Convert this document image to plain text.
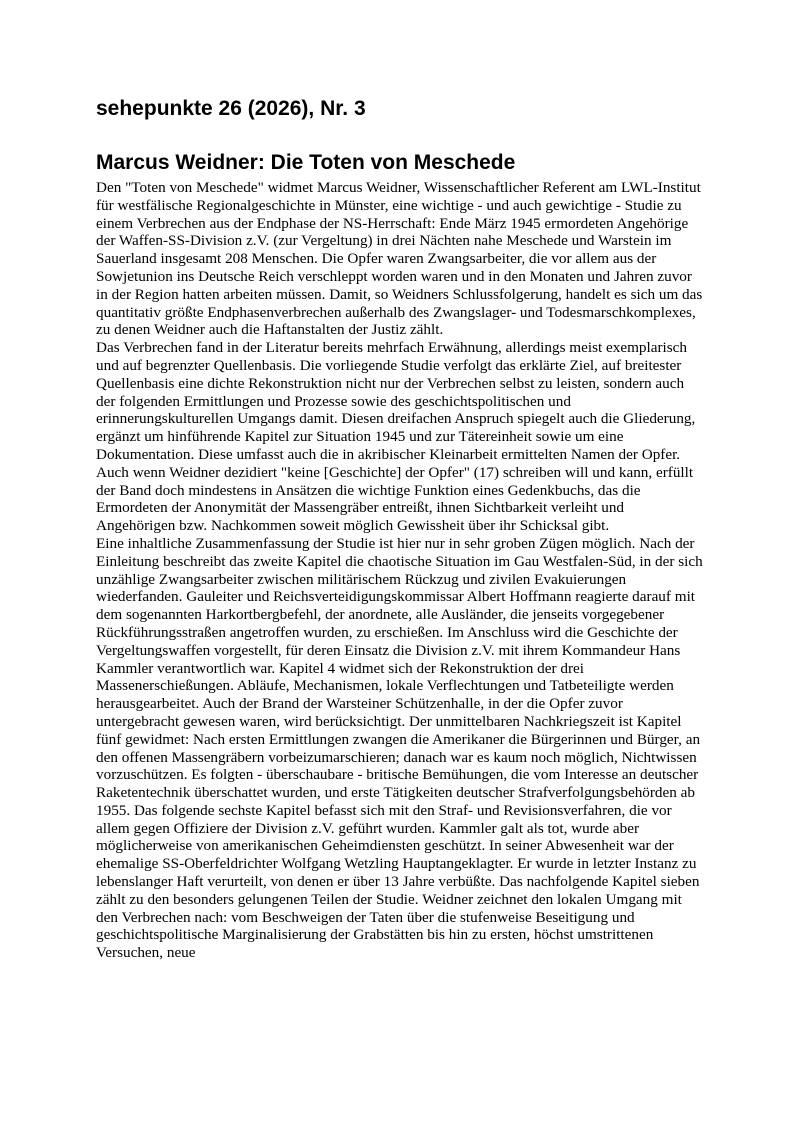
sehepunkte 26 (2026), Nr. 3
Marcus Weidner: Die Toten von Meschede

Den "Toten von Meschede" widmet Marcus Weidner, Wissenschaftlicher Referent am LWL-Institut für westfälische Regionalgeschichte in Münster, eine wichtige - und auch gewichtige - Studie zu einem Verbrechen aus der Endphase der NS-Herrschaft: Ende März 1945 ermordeten Angehörige der Waffen-SS-Division z.V. (zur Vergeltung) in drei Nächten nahe Meschede und Warstein im Sauerland insgesamt 208 Menschen. Die Opfer waren Zwangsarbeiter, die vor allem aus der Sowjetunion ins Deutsche Reich verschleppt worden waren und in den Monaten und Jahren zuvor in der Region hatten arbeiten müssen. Damit, so Weidners Schlussfolgerung, handelt es sich um das quantitativ größte Endphasenverbrechen außerhalb des Zwangslager- und Todesmarschkomplexes, zu denen Weidner auch die Haftanstalten der Justiz zählt.

Das Verbrechen fand in der Literatur bereits mehrfach Erwähnung, allerdings meist exemplarisch und auf begrenzter Quellenbasis. Die vorliegende Studie verfolgt das erklärte Ziel, auf breitester Quellenbasis eine dichte Rekonstruktion nicht nur der Verbrechen selbst zu leisten, sondern auch der folgenden Ermittlungen und Prozesse sowie des geschichtspolitischen und erinnerungskulturellen Umgangs damit. Diesen dreifachen Anspruch spiegelt auch die Gliederung, ergänzt um hinführende Kapitel zur Situation 1945 und zur Tätereinheit sowie um eine Dokumentation. Diese umfasst auch die in akribischer Kleinarbeit ermittelten Namen der Opfer. Auch wenn Weidner dezidiert "keine [Geschichte] der Opfer" (17) schreiben will und kann, erfüllt der Band doch mindestens in Ansätzen die wichtige Funktion eines Gedenkbuchs, das die Ermordeten der Anonymität der Massengräber entreißt, ihnen Sichtbarkeit verleiht und Angehörigen bzw. Nachkommen soweit möglich Gewissheit über ihr Schicksal gibt.

Eine inhaltliche Zusammenfassung der Studie ist hier nur in sehr groben Zügen möglich. Nach der Einleitung beschreibt das zweite Kapitel die chaotische Situation im Gau Westfalen-Süd, in der sich unzählige Zwangsarbeiter zwischen militärischem Rückzug und zivilen Evakuierungen wiederfanden. Gauleiter und Reichsverteidigungskommissar Albert Hoffmann reagierte darauf mit dem sogenannten Harkortbergbefehl, der anordnete, alle Ausländer, die jenseits vorgegebener Rückführungsstraßen angetroffen wurden, zu erschießen. Im Anschluss wird die Geschichte der Vergeltungswaffen vorgestellt, für deren Einsatz die Division z.V. mit ihrem Kommandeur Hans Kammler verantwortlich war. Kapitel 4 widmet sich der Rekonstruktion der drei Massenerschießungen. Abläufe, Mechanismen, lokale Verflechtungen und Tatbeteiligte werden herausgearbeitet. Auch der Brand der Warsteiner Schützenhalle, in der die Opfer zuvor untergebracht gewesen waren, wird berücksichtigt. Der unmittelbaren Nachkriegszeit ist Kapitel fünf gewidmet: Nach ersten Ermittlungen zwangen die Amerikaner die Bürgerinnen und Bürger, an den offenen Massengräbern vorbeizumarschieren; danach war es kaum noch möglich, Nichtwissen vorzuschützen. Es folgten - überschaubare - britische Bemühungen, die vom Interesse an deutscher Raketentechnik überschattet wurden, und erste Tätigkeiten deutscher Strafverfolgungsbehörden ab 1955. Das folgende sechste Kapitel befasst sich mit den Straf- und Revisionsverfahren, die vor allem gegen Offiziere der Division z.V. geführt wurden. Kammler galt als tot, wurde aber möglicherweise von amerikanischen Geheimdiensten geschützt. In seiner Abwesenheit war der ehemalige SS-Oberfeldrichter Wolfgang Wetzling Hauptangeklagter. Er wurde in letzter Instanz zu lebenslanger Haft verurteilt, von denen er über 13 Jahre verbüßte. Das nachfolgende Kapitel sieben zählt zu den besonders gelungenen Teilen der Studie. Weidner zeichnet den lokalen Umgang mit den Verbrechen nach: vom Beschweigen der Taten über die stufenweise Beseitigung und geschichtspolitische Marginalisierung der Grabstätten bis hin zu ersten, höchst umstrittenen Versuchen, neue
